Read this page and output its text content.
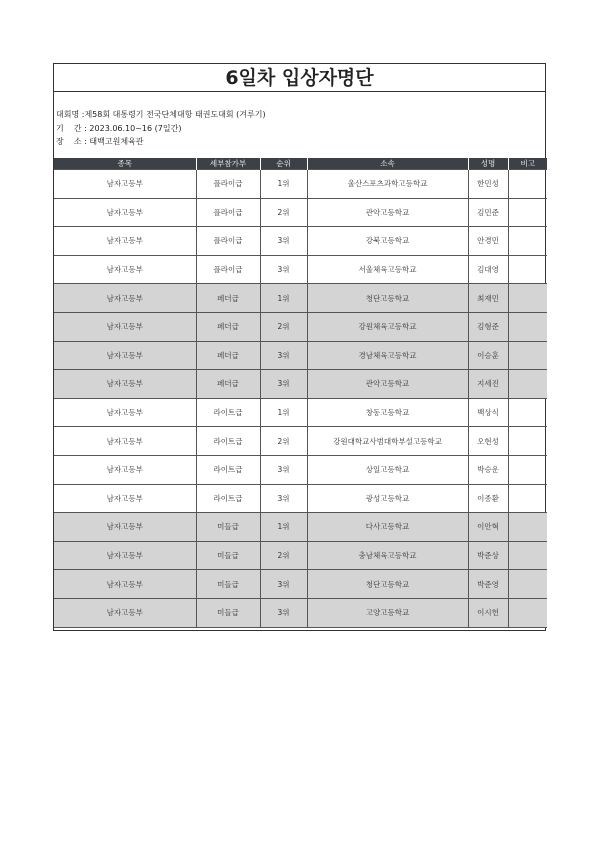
6일차 입상자명단
대회명 :제58회 대통령기 전국단체대항 태권도대회 (겨루기)
기    간 : 2023.06.10~16 (7일간)
장    소 : 태백고원체육관
종목	세부참가부	순위	소속	성명	비고
남자고등부	플라이급	1위	울산스포츠과학고등학교	한민성	
남자고등부	플라이급	2위	관악고등학교	김민준	
남자고등부	플라이급	3위	강북고등학교	안경민	
남자고등부	플라이급	3위	서울체육고등학교	김대영	
남자고등부	페더급	1위	청단고등학교	최재민	
남자고등부	페더급	2위	강원체육고등학교	김형준	
남자고등부	페더급	3위	경남체육고등학교	이승훈	
남자고등부	페더급	3위	관악고등학교	지세진	
남자고등부	라이트급	1위	창동고등학교	백상식	
남자고등부	라이트급	2위	강원대학교사범대학부설고등학교	오현성	
남자고등부	라이트급	3위	상일고등학교	박승운	
남자고등부	라이트급	3위	광성고등학교	이종환	
남자고등부	미들급	1위	다사고등학교	이안혁	
남자고등부	미들급	2위	충남체육고등학교	박준상	
남자고등부	미들급	3위	청단고등학교	박준영	
남자고등부	미들급	3위	고양고등학교	이시헌	
